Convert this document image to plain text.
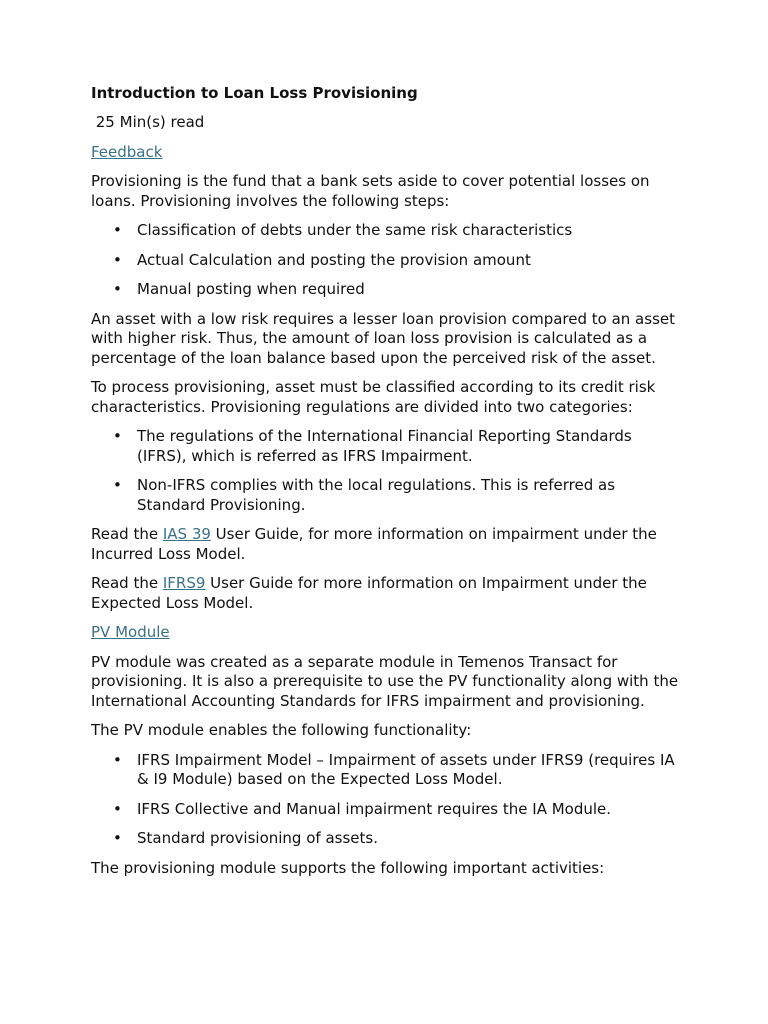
Introduction to Loan Loss Provisioning
25 Min(s) read

Feedback

Provisioning is the fund that a bank sets aside to cover potential losses on loans. Provisioning involves the following steps:

• Classification of debts under the same risk characteristics
• Actual Calculation and posting the provision amount
• Manual posting when required

An asset with a low risk requires a lesser loan provision compared to an asset with higher risk. Thus, the amount of loan loss provision is calculated as a percentage of the loan balance based upon the perceived risk of the asset.

To process provisioning, asset must be classified according to its credit risk characteristics. Provisioning regulations are divided into two categories:

• The regulations of the International Financial Reporting Standards (IFRS), which is referred as IFRS Impairment.
• Non-IFRS complies with the local regulations. This is referred as Standard Provisioning.

Read the IAS 39 User Guide, for more information on impairment under the Incurred Loss Model.

Read the IFRS9 User Guide for more information on Impairment under the Expected Loss Model.

PV Module

PV module was created as a separate module in Temenos Transact for provisioning. It is also a prerequisite to use the PV functionality along with the International Accounting Standards for IFRS impairment and provisioning.

The PV module enables the following functionality:

• IFRS Impairment Model – Impairment of assets under IFRS9 (requires IA & I9 Module) based on the Expected Loss Model.
• IFRS Collective and Manual impairment requires the IA Module.
• Standard provisioning of assets.

The provisioning module supports the following important activities:
